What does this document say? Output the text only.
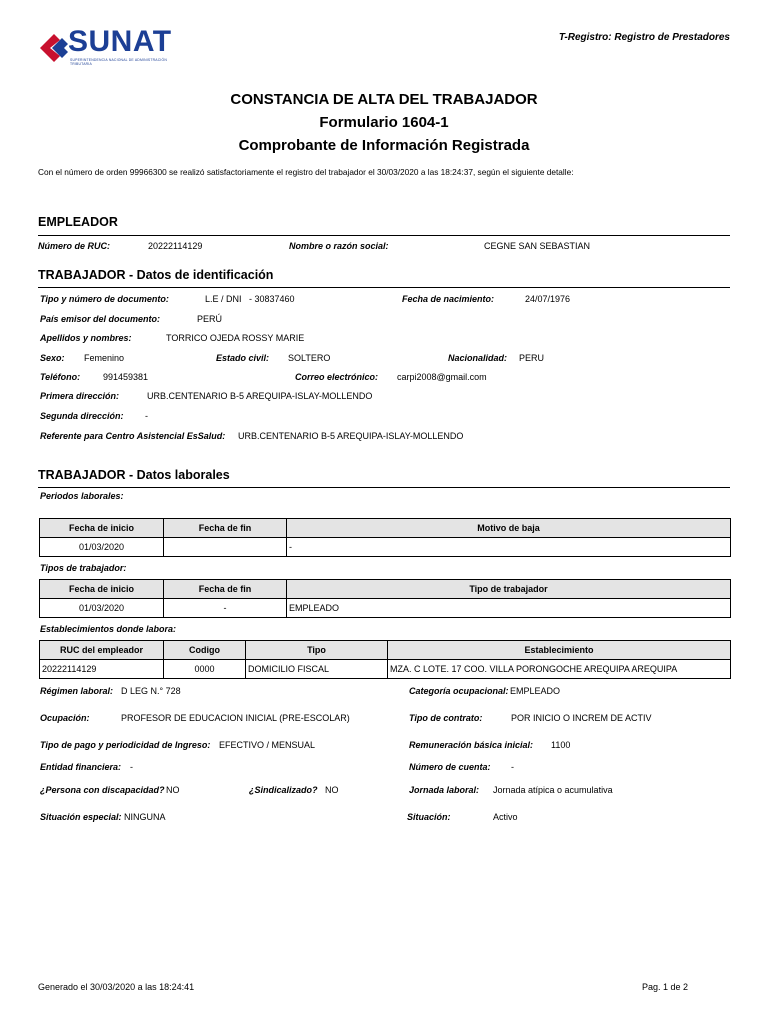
SUNAT
SUPERINTENDENCIA NACIONAL DE ADMINISTRACIÓN TRIBUTARIA
T-Registro: Registro de Prestadores
CONSTANCIA DE ALTA DEL TRABAJADOR
Formulario 1604-1
Comprobante de Información Registrada
Con el número de orden 99966300 se realizó satisfactoriamente el registro del trabajador el 30/03/2020 a las 18:24:37, según el siguiente detalle:
EMPLEADOR
Número de RUC:	20222114129	Nombre o razón social:	CEGNE SAN SEBASTIAN
TRABAJADOR - Datos de identificación
Tipo y número de documento:	L.E / DNI - 30837460	Fecha de nacimiento:	24/07/1976
País emisor del documento:	PERÚ
Apellidos y nombres:	TORRICO OJEDA ROSSY MARIE
Sexo: Femenino	Estado civil: SOLTERO	Nacionalidad: PERU
Teléfono:	991459381	Correo electrónico: carpi2008@gmail.com
Primera dirección:	URB.CENTENARIO B-5 AREQUIPA-ISLAY-MOLLENDO
Segunda dirección: -
Referente para Centro Asistencial EsSalud: URB.CENTENARIO B-5 AREQUIPA-ISLAY-MOLLENDO
TRABAJADOR - Datos laborales
Periodos laborales:
Fecha de inicio	Fecha de fin	Motivo de baja
01/03/2020		-
Tipos de trabajador:
Fecha de inicio	Fecha de fin	Tipo de trabajador
01/03/2020	-	EMPLEADO
Establecimientos donde labora:
RUC del empleador	Codigo	Tipo	Establecimiento
20222114129	0000	DOMICILIO FISCAL	MZA. C LOTE. 17 COO. VILLA PORONGOCHE AREQUIPA AREQUIPA
Régimen laboral: D LEG N.° 728	Categoría ocupacional: EMPLEADO
Ocupación:	PROFESOR DE EDUCACION INICIAL (PRE-ESCOLAR)	Tipo de contrato:	POR INICIO O INCREM DE ACTIV
Tipo de pago y periodicidad de Ingreso: EFECTIVO / MENSUAL	Remuneración básica inicial: 1100
Entidad financiera: -	Número de cuenta: -
¿Persona con discapacidad? NO	¿Sindicalizado? NO	Jornada laboral: Jornada atípica o acumulativa
Situación especial: NINGUNA	Situación:	Activo
Generado el 30/03/2020 a las 18:24:41	Pag. 1 de 2
